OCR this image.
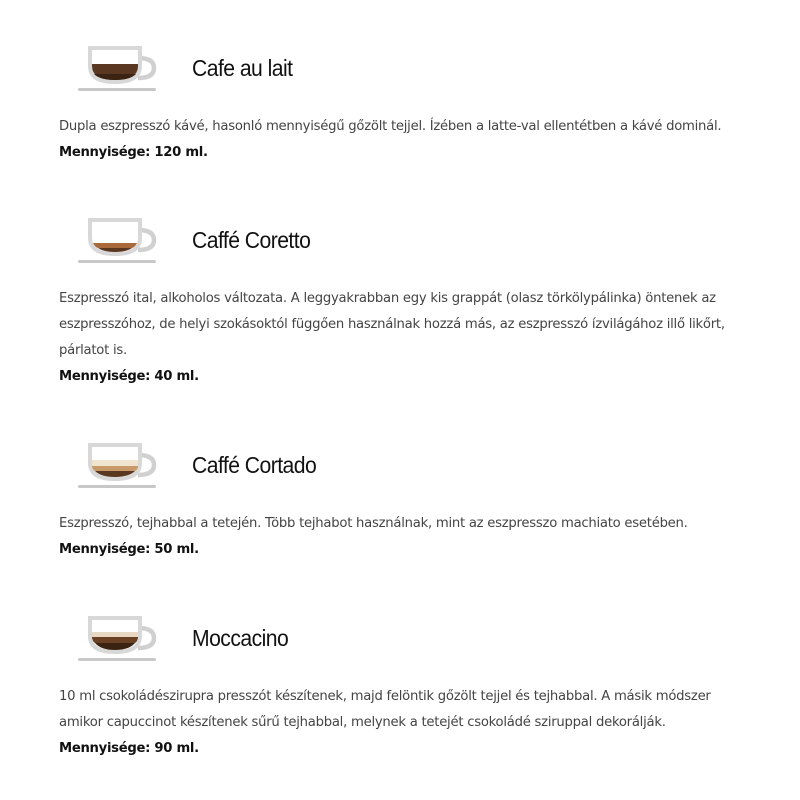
Cafe au lait

Dupla eszpresszó kávé, hasonló mennyiségű gőzölt tejjel. Ízében a latte-val ellentétben a kávé dominál.

Mennyisége: 120 ml.

Caffé Coretto

Eszpresszó ital, alkoholos változata. A leggyakrabban egy kis grappát (olasz törkölypálinka) öntenek az eszpresszóhoz, de helyi szokásoktól függően használnak hozzá más, az eszpresszó ízvilágához illő likőrt, párlatot is.

Mennyisége: 40 ml.

Caffé Cortado

Eszpresszó, tejhabbal a tetején. Több tejhabot használnak, mint az eszpresszo machiato esetében.

Mennyisége: 50 ml.

Moccacino

10 ml csokoládészirupra presszót készítenek, majd felöntik gőzölt tejjel és tejhabbal. A másik módszer amikor capuccinot készítenek sűrű tejhabbal, melynek a tetejét csokoládé sziruppal dekorálják.

Mennyisége: 90 ml.
